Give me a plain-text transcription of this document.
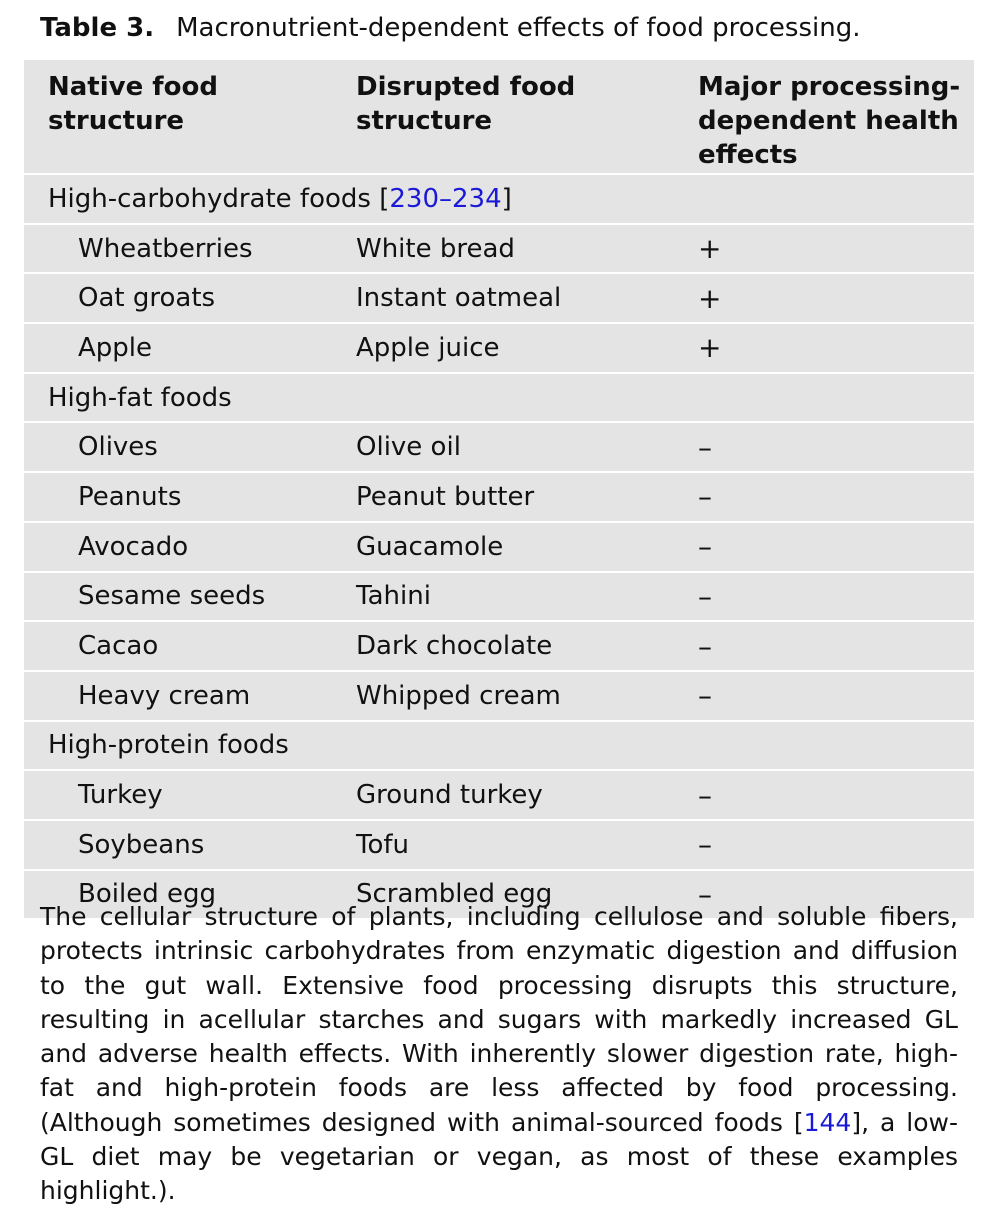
Table 3. Macronutrient-dependent effects of food processing.
Native food structure	Disrupted food structure	Major processing-dependent health effects
High-carbohydrate foods [230–234]		
Wheatberries	White bread	+
Oat groats	Instant oatmeal	+
Apple	Apple juice	+
High-fat foods		
Olives	Olive oil	–
Peanuts	Peanut butter	–
Avocado	Guacamole	–
Sesame seeds	Tahini	–
Cacao	Dark chocolate	–
Heavy cream	Whipped cream	–
High-protein foods		
Turkey	Ground turkey	–
Soybeans	Tofu	–
Boiled egg	Scrambled egg	–

The cellular structure of plants, including cellulose and soluble fibers, protects intrinsic carbohydrates from enzymatic digestion and diffusion to the gut wall. Extensive food processing disrupts this structure, resulting in acellular starches and sugars with markedly increased GL and adverse health effects. With inherently slower digestion rate, high-fat and high-protein foods are less affected by food processing. (Although sometimes designed with animal-sourced foods [144], a low-GL diet may be vegetarian or vegan, as most of these examples highlight.).
